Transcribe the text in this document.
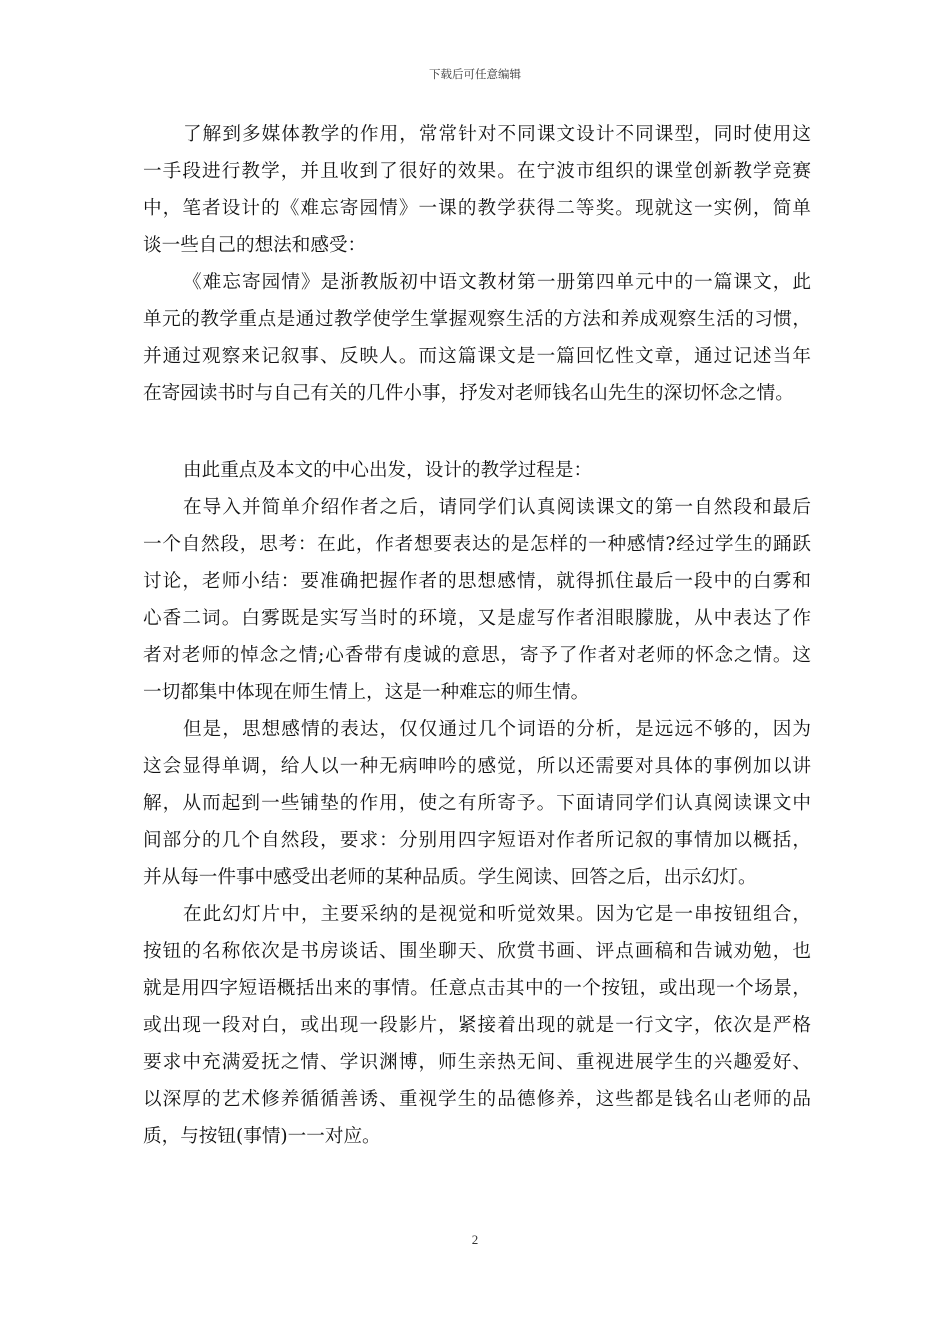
下载后可任意编辑
了解到多媒体教学的作用，常常针对不同课文设计不同课型，同时使用这
一手段进行教学，并且收到了很好的效果。在宁波市组织的课堂创新教学竞赛
中，笔者设计的《难忘寄园情》一课的教学获得二等奖。现就这一实例，简单
谈一些自己的想法和感受：
《难忘寄园情》是浙教版初中语文教材第一册第四单元中的一篇课文，此
单元的教学重点是通过教学使学生掌握观察生活的方法和养成观察生活的习惯，
并通过观察来记叙事、反映人。而这篇课文是一篇回忆性文章，通过记述当年
在寄园读书时与自己有关的几件小事，抒发对老师钱名山先生的深切怀念之情。
由此重点及本文的中心出发，设计的教学过程是：
在导入并简单介绍作者之后，请同学们认真阅读课文的第一自然段和最后
一个自然段，思考：在此，作者想要表达的是怎样的一种感情?经过学生的踊跃
讨论，老师小结：要准确把握作者的思想感情，就得抓住最后一段中的白雾和
心香二词。白雾既是实写当时的环境，又是虚写作者泪眼朦胧，从中表达了作
者对老师的悼念之情;心香带有虔诚的意思，寄予了作者对老师的怀念之情。这
一切都集中体现在师生情上，这是一种难忘的师生情。
但是，思想感情的表达，仅仅通过几个词语的分析，是远远不够的，因为
这会显得单调，给人以一种无病呻吟的感觉，所以还需要对具体的事例加以讲
解，从而起到一些铺垫的作用，使之有所寄予。下面请同学们认真阅读课文中
间部分的几个自然段，要求：分别用四字短语对作者所记叙的事情加以概括，
并从每一件事中感受出老师的某种品质。学生阅读、回答之后，出示幻灯。
在此幻灯片中，主要采纳的是视觉和听觉效果。因为它是一串按钮组合，
按钮的名称依次是书房谈话、围坐聊天、欣赏书画、评点画稿和告诫劝勉，也
就是用四字短语概括出来的事情。任意点击其中的一个按钮，或出现一个场景，
或出现一段对白，或出现一段影片，紧接着出现的就是一行文字，依次是严格
要求中充满爱抚之情、学识渊博，师生亲热无间、重视进展学生的兴趣爱好、
以深厚的艺术修养循循善诱、重视学生的品德修养，这些都是钱名山老师的品
质，与按钮(事情)一一对应。
2
